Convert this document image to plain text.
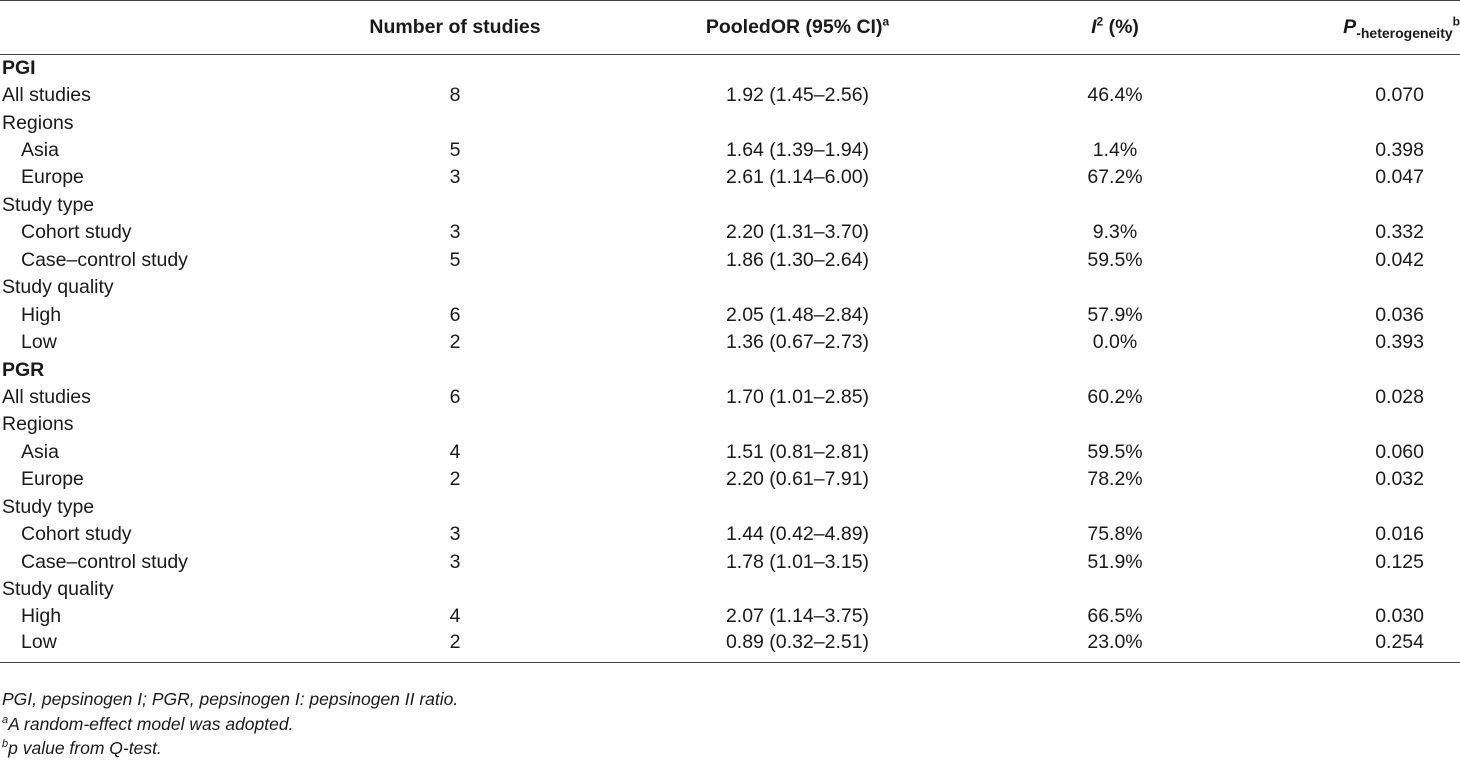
	Number of studies	PooledOR (95% CI)$^a$	$I^2$ (%)	$P_{-heterogeneity}^b$
PGI				
All studies	8	1.92 (1.45–2.56)	46.4%	0.070
Regions				
Asia	5	1.64 (1.39–1.94)	1.4%	0.398
Europe	3	2.61 (1.14–6.00)	67.2%	0.047
Study type				
Cohort study	3	2.20 (1.31–3.70)	9.3%	0.332
Case–control study	5	1.86 (1.30–2.64)	59.5%	0.042
Study quality				
High	6	2.05 (1.48–2.84)	57.9%	0.036
Low	2	1.36 (0.67–2.73)	0.0%	0.393
PGR				
All studies	6	1.70 (1.01–2.85)	60.2%	0.028
Regions				
Asia	4	1.51 (0.81–2.81)	59.5%	0.060
Europe	2	2.20 (0.61–7.91)	78.2%	0.032
Study type				
Cohort study	3	1.44 (0.42–4.89)	75.8%	0.016
Case–control study	3	1.78 (1.01–3.15)	51.9%	0.125
Study quality				
High	4	2.07 (1.14–3.75)	66.5%	0.030
Low	2	0.89 (0.32–2.51)	23.0%	0.254
PGI, pepsinogen I; PGR, pepsinogen I: pepsinogen II ratio.
$^a$A random-effect model was adopted.
$^b$p value from Q-test.
